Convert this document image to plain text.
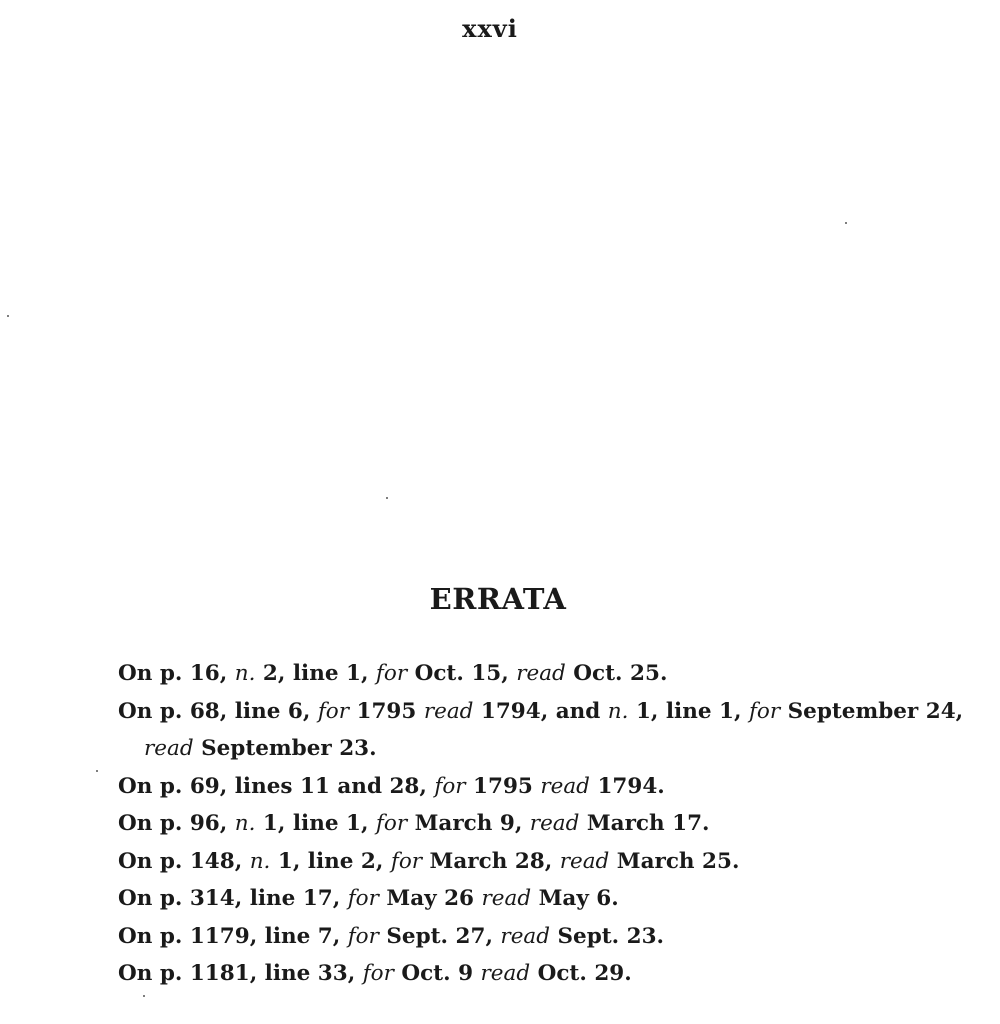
xxvi
ERRATA
On p. 16, n. 2, line 1, for Oct. 15, read Oct. 25.
On p. 68, line 6, for 1795 read 1794, and n. 1, line 1, for September 24, read September 23.
On p. 69, lines 11 and 28, for 1795 read 1794.
On p. 96, n. 1, line 1, for March 9, read March 17.
On p. 148, n. 1, line 2, for March 28, read March 25.
On p. 314, line 17, for May 26 read May 6.
On p. 1179, line 7, for Sept. 27, read Sept. 23.
On p. 1181, line 33, for Oct. 9 read Oct. 29.
